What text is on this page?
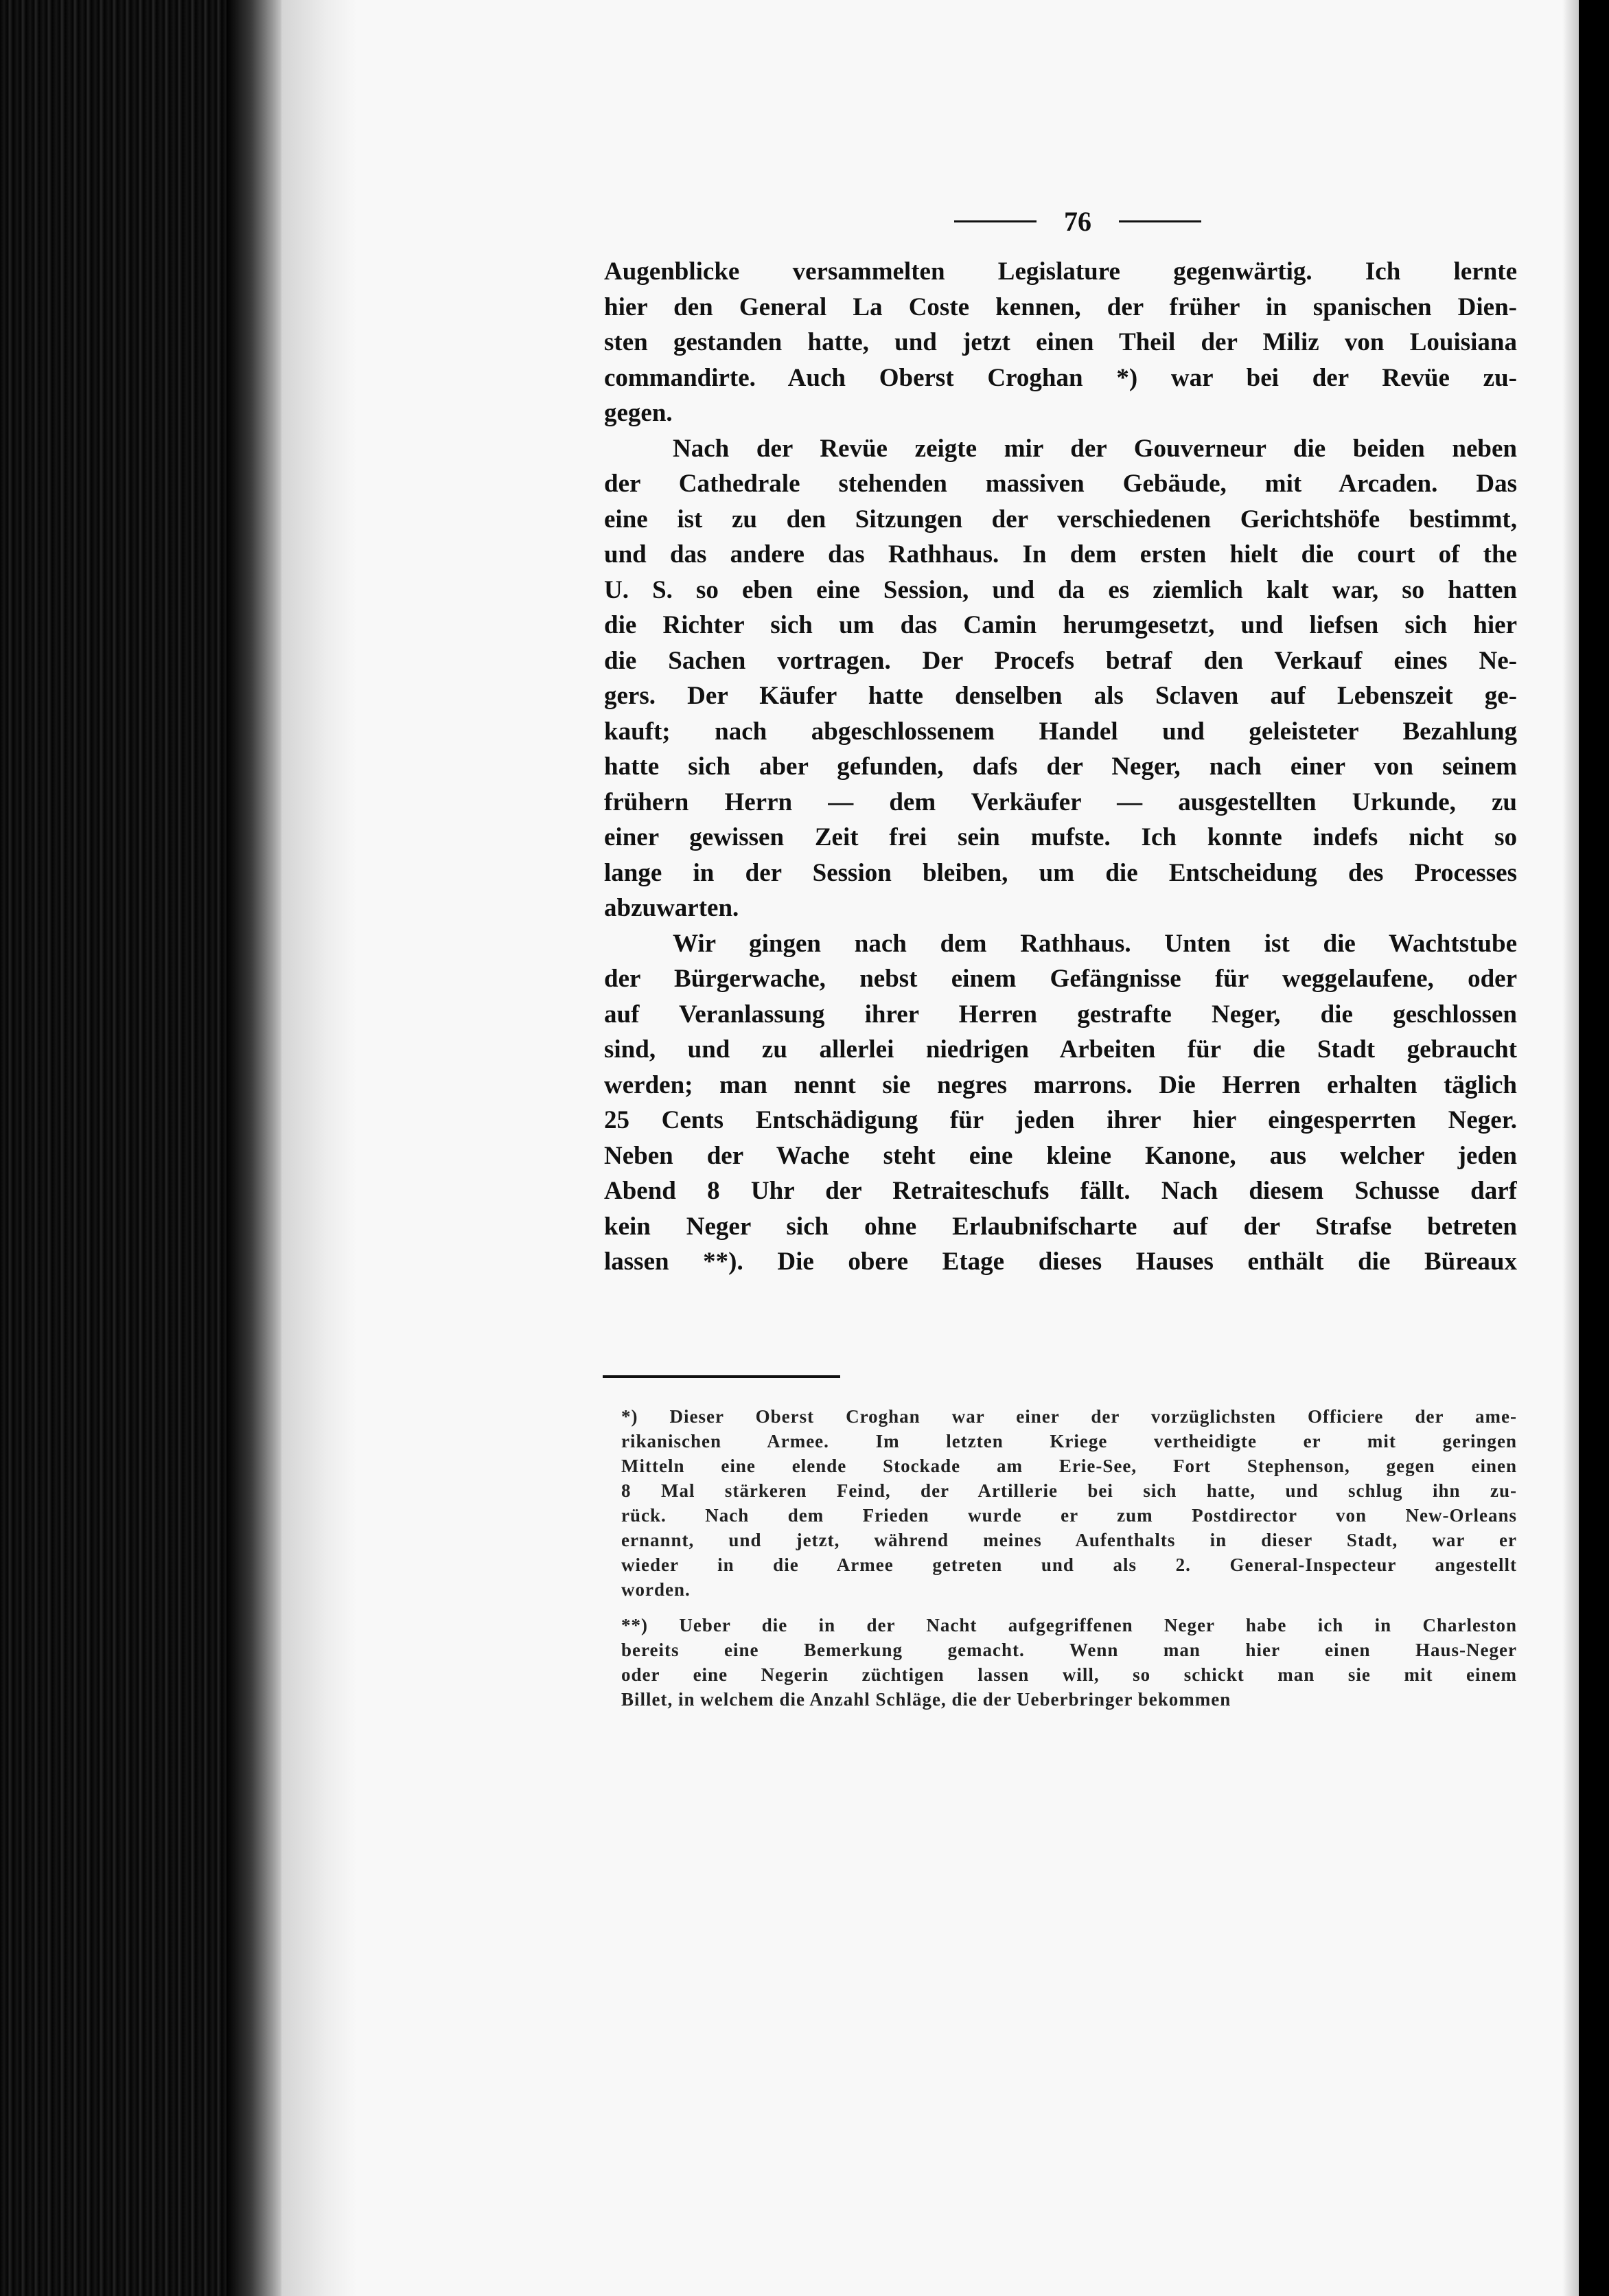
76
Augenblicke versammelten Legislature gegenwärtig. Ich lernte
hier den General La Coste kennen, der früher in spanischen Dien-
sten gestanden hatte, und jetzt einen Theil der Miliz von Louisiana
commandirte. Auch Oberst Croghan *) war bei der Revüe zu-
gegen.
Nach der Revüe zeigte mir der Gouverneur die beiden neben
der Cathedrale stehenden massiven Gebäude, mit Arcaden. Das
eine ist zu den Sitzungen der verschiedenen Gerichtshöfe bestimmt,
und das andere das Rathhaus. In dem ersten hielt die court of the
U. S. so eben eine Session, und da es ziemlich kalt war, so hatten
die Richter sich um das Camin herumgesetzt, und liefsen sich hier
die Sachen vortragen. Der Procefs betraf den Verkauf eines Ne-
gers. Der Käufer hatte denselben als Sclaven auf Lebenszeit ge-
kauft; nach abgeschlossenem Handel und geleisteter Bezahlung
hatte sich aber gefunden, dafs der Neger, nach einer von seinem
frühern Herrn — dem Verkäufer — ausgestellten Urkunde, zu
einer gewissen Zeit frei sein mufste. Ich konnte indefs nicht so
lange in der Session bleiben, um die Entscheidung des Processes
abzuwarten.
Wir gingen nach dem Rathhaus. Unten ist die Wachtstube
der Bürgerwache, nebst einem Gefängnisse für weggelaufene, oder
auf Veranlassung ihrer Herren gestrafte Neger, die geschlossen
sind, und zu allerlei niedrigen Arbeiten für die Stadt gebraucht
werden; man nennt sie negres marrons. Die Herren erhalten täglich
25 Cents Entschädigung für jeden ihrer hier eingesperrten Neger.
Neben der Wache steht eine kleine Kanone, aus welcher jeden
Abend 8 Uhr der Retraiteschufs fällt. Nach diesem Schusse darf
kein Neger sich ohne Erlaubnifscharte auf der Strafse betreten
lassen **). Die obere Etage dieses Hauses enthält die Büreaux
*) Dieser Oberst Croghan war einer der vorzüglichsten Officiere der ame-
rikanischen Armee. Im letzten Kriege vertheidigte er mit geringen
Mitteln eine elende Stockade am Erie-See, Fort Stephenson, gegen einen
8 Mal stärkeren Feind, der Artillerie bei sich hatte, und schlug ihn zu-
rück. Nach dem Frieden wurde er zum Postdirector von New-Orleans
ernannt, und jetzt, während meines Aufenthalts in dieser Stadt, war er
wieder in die Armee getreten und als 2. General-Inspecteur angestellt
worden.
**) Ueber die in der Nacht aufgegriffenen Neger habe ich in Charleston
bereits eine Bemerkung gemacht. Wenn man hier einen Haus-Neger
oder eine Negerin züchtigen lassen will, so schickt man sie mit einem
Billet, in welchem die Anzahl Schläge, die der Ueberbringer bekommen
